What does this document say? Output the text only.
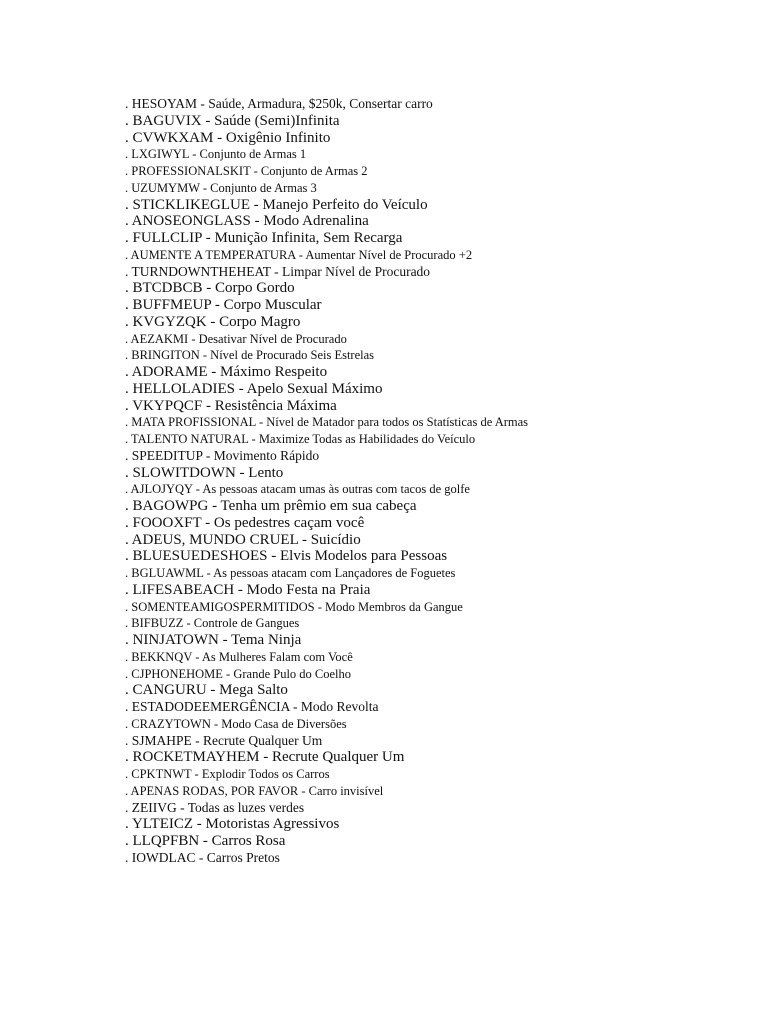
. HESOYAM - Saúde, Armadura, $250k, Consertar carro
. BAGUVIX - Saúde (Semi)Infinita
. CVWKXAM - Oxigênio Infinito
. LXGIWYL - Conjunto de Armas 1
. PROFESSIONALSKIT - Conjunto de Armas 2
. UZUMYMW - Conjunto de Armas 3
. STICKLIKEGLUE - Manejo Perfeito do Veículo
. ANOSEONGLASS - Modo Adrenalina
. FULLCLIP - Munição Infinita, Sem Recarga
. AUMENTE A TEMPERATURA - Aumentar Nível de Procurado +2
. TURNDOWNTHEHEAT - Limpar Nível de Procurado
. BTCDBCB - Corpo Gordo
. BUFFMEUP - Corpo Muscular
. KVGYZQK - Corpo Magro
. AEZAKMI - Desativar Nível de Procurado
. BRINGITON - Nível de Procurado Seis Estrelas
. ADORAME - Máximo Respeito
. HELLOLADIES - Apelo Sexual Máximo
. VKYPQCF - Resistência Máxima
. MATA PROFISSIONAL - Nível de Matador para todos os Statísticas de Armas
. TALENTO NATURAL - Maximize Todas as Habilidades do Veículo
. SPEEDITUP - Movimento Rápido
. SLOWITDOWN - Lento
. AJLOJYQY - As pessoas atacam umas às outras com tacos de golfe
. BAGOWPG - Tenha um prêmio em sua cabeça
. FOOOXFT - Os pedestres caçam você
. ADEUS, MUNDO CRUEL - Suicídio
. BLUESUEDESHOES - Elvis Modelos para Pessoas
. BGLUAWML - As pessoas atacam com Lançadores de Foguetes
. LIFESABEACH - Modo Festa na Praia
. SOMENTEAMIGOSPERMITIDOS - Modo Membros da Gangue
. BIFBUZZ - Controle de Gangues
. NINJATOWN - Tema Ninja
. BEKKNQV - As Mulheres Falam com Você
. CJPHONEHOME - Grande Pulo do Coelho
. CANGURU - Mega Salto
. ESTADODEEMERGÊNCIA - Modo Revolta
. CRAZYTOWN - Modo Casa de Diversões
. SJMAHPE - Recrute Qualquer Um
. ROCKETMAYHEM - Recrute Qualquer Um
. CPKTNWT - Explodir Todos os Carros
. APENAS RODAS, POR FAVOR - Carro invisível
. ZEIIVG - Todas as luzes verdes
. YLTEICZ - Motoristas Agressivos
. LLQPFBN - Carros Rosa
. IOWDLAC - Carros Pretos
